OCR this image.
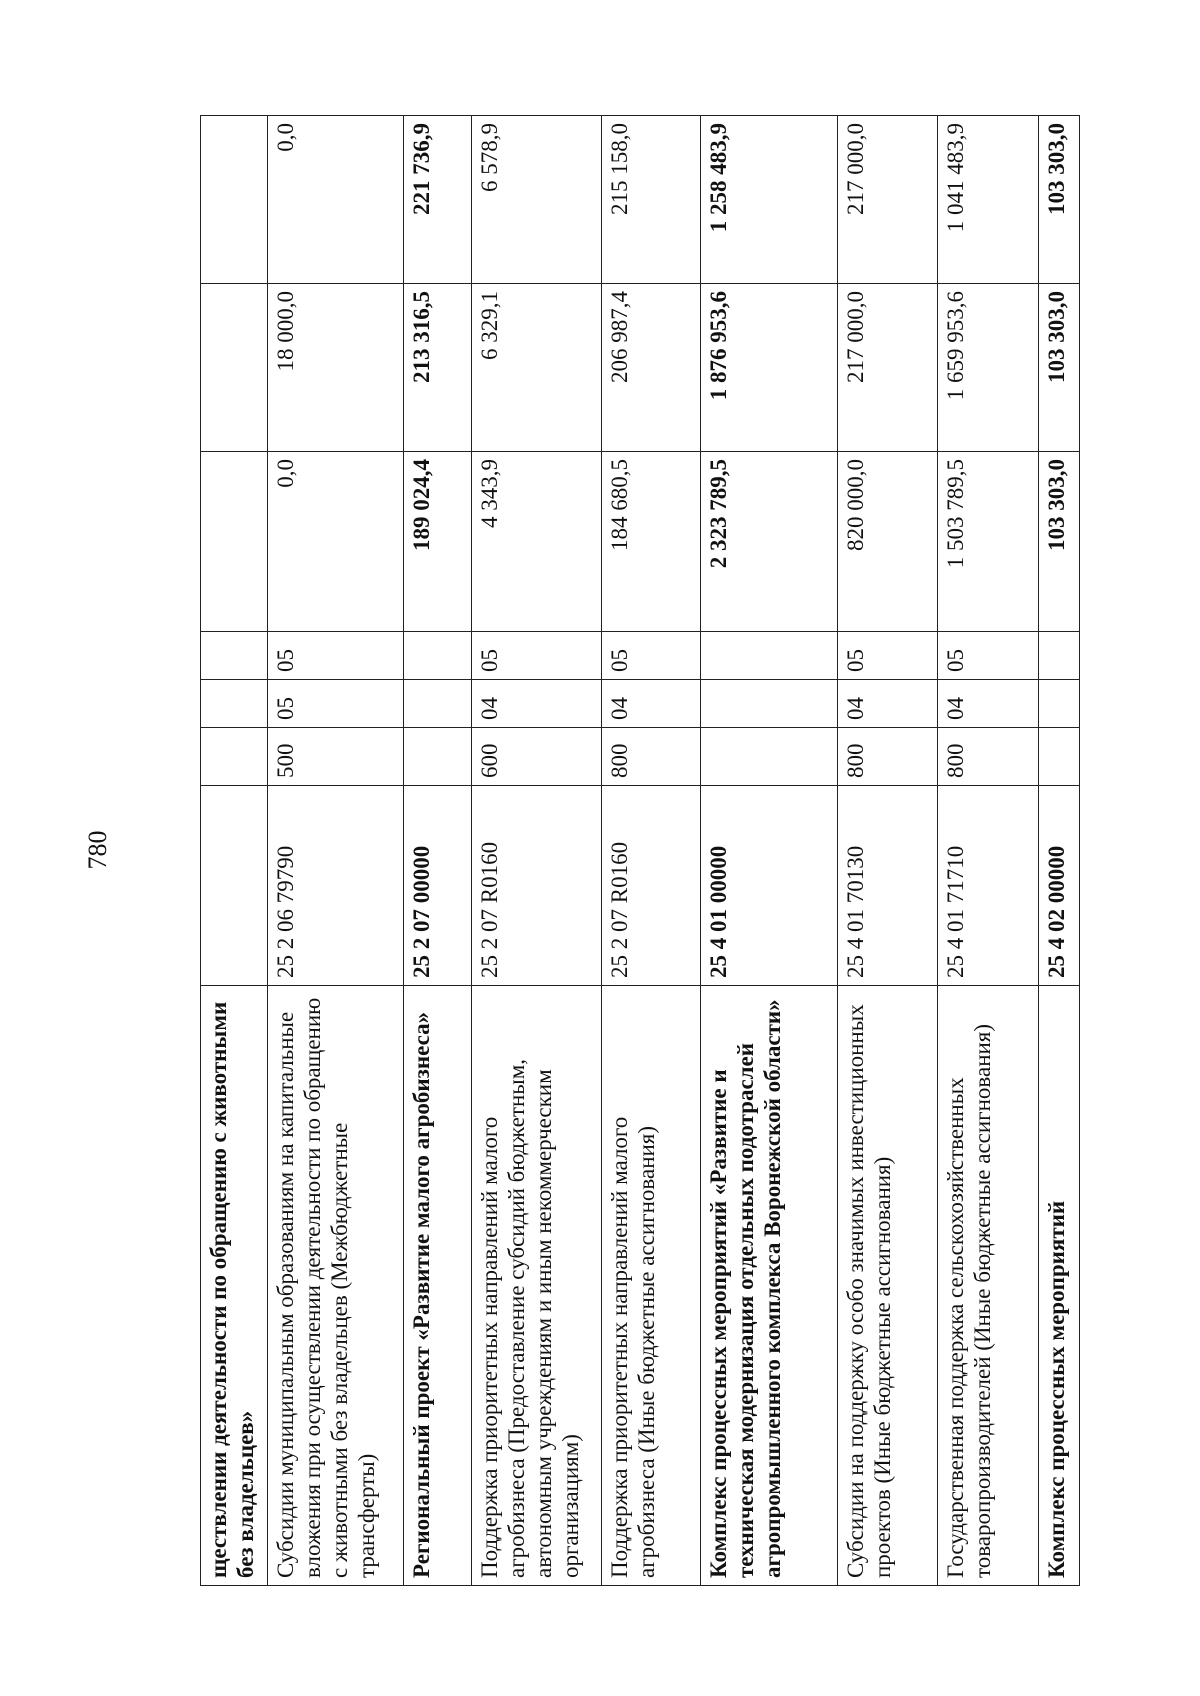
780
ществлении деятельности по обращению с животными без владельцев»							
Субсидии муниципальным образованиям на капитальные вложения при осуществлении деятельности по обращению с животными без владельцев (Межбюджетные трансферты)	25 2 06 79790	500	05	05	0,0	18 000,0	0,0
Региональный проект «Развитие малого агробизнеса»	25 2 07 00000				189 024,4	213 316,5	221 736,9
Поддержка приоритетных направлений малого агробизнеса (Предоставление субсидий бюджетным, автономным учреждениям и иным некоммерческим организациям)	25 2 07 R0160	600	04	05	4 343,9	6 329,1	6 578,9
Поддержка приоритетных направлений малого агробизнеса (Иные бюджетные ассигнования)	25 2 07 R0160	800	04	05	184 680,5	206 987,4	215 158,0
Комплекс процессных мероприятий «Развитие и техническая модернизация отдельных подотраслей агропромышленного комплекса Воронежской области»	25 4 01 00000				2 323 789,5	1 876 953,6	1 258 483,9
Субсидии на поддержку особо значимых инвестиционных проектов (Иные бюджетные ассигнования)	25 4 01 70130	800	04	05	820 000,0	217 000,0	217 000,0
Государственная поддержка сельскохозяйственных товаропроизводителей (Иные бюджетные ассигнования)	25 4 01 71710	800	04	05	1 503 789,5	1 659 953,6	1 041 483,9
Комплекс процессных мероприятий	25 4 02 00000				103 303,0	103 303,0	103 303,0
